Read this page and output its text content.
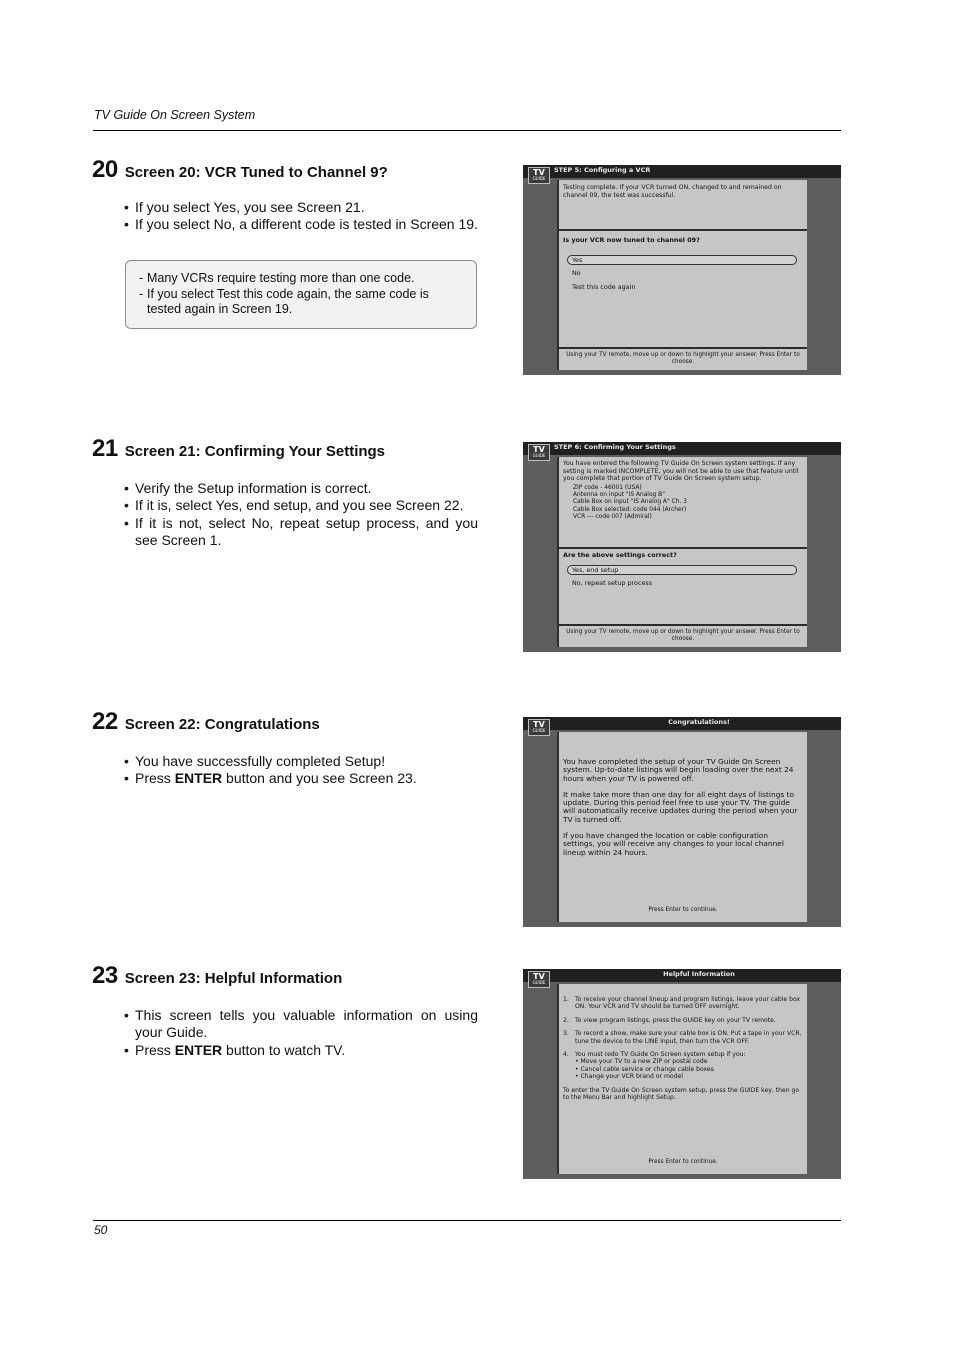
TV Guide On Screen System
20 Screen 20: VCR Tuned to Channel 9?
• If you select Yes, you see Screen 21.
• If you select No, a different code is tested in Screen 19.
- Many VCRs require testing more than one code.
- If you select Test this code again, the same code is tested again in Screen 19.
TV
GUIDE
STEP 5: Configuring a VCR
Testing complete. If your VCR turned ON, changed to and remained on channel 09, the test was successful.
Is your VCR now tuned to channel 09?
Yes
No
Test this code again
Using your TV remote, move up or down to highlight your answer. Press Enter to choose.
21 Screen 21: Confirming Your Settings
• Verify the Setup information is correct.
• If it is, select Yes, end setup, and you see Screen 22.
• If it is not, select No, repeat setup process, and you see Screen 1.
TV
GUIDE
STEP 6: Confirming Your Settings
You have entered the following TV Guide On Screen system settings. If any setting is marked INCOMPLETE, you will not be able to use that feature until you complete that portion of TV Guide On Screen system setup.
ZIP code - 46001 (USA)
Antenna on input "IS Analog B"
Cable Box on input "IS Analog A" Ch. 3
Cable Box selected: code 044 (Archer)
VCR --- code 007 (Admiral)
Are the above settings correct?
Yes, end setup
No, repeat setup process
Using your TV remote, move up or down to highlight your answer. Press Enter to choose.
22 Screen 22: Congratulations
• You have successfully completed Setup!
• Press ENTER button and you see Screen 23.
TV
GUIDE
Congratulations!

You have completed the setup of your TV Guide On Screen system. Up-to-date listings will begin loading over the next 24 hours when your TV is powered off.

It make take more than one day for all eight days of listings to update. During this period feel free to use your TV. The guide will automatically receive updates during the period when your TV is turned off.

If you have changed the location or cable configuration settings, you will receive any changes to your local channel lineup within 24 hours.

Press Enter to continue.
23 Screen 23: Helpful Information
• This screen tells you valuable information on using your Guide.
• Press ENTER button to watch TV.
TV
GUIDE
Helpful Information
1. To receive your channel lineup and program listings, leave your cable box ON. Your VCR and TV should be turned OFF overnight.
2. To view program listings, press the GUIDE key on your TV remote.
3. To record a show, make sure your cable box is ON. Put a tape in your VCR, tune the device to the LINE input, then turn the VCR OFF.
4. You must redo TV Guide On Screen system setup if you:
• Move your TV to a new ZIP or postal code
• Cancel cable service or change cable boxes
• Change your VCR brand or model
To enter the TV Guide On Screen system setup, press the GUIDE key, then go to the Menu Bar and highlight Setup.
Press Enter to continue.
50
